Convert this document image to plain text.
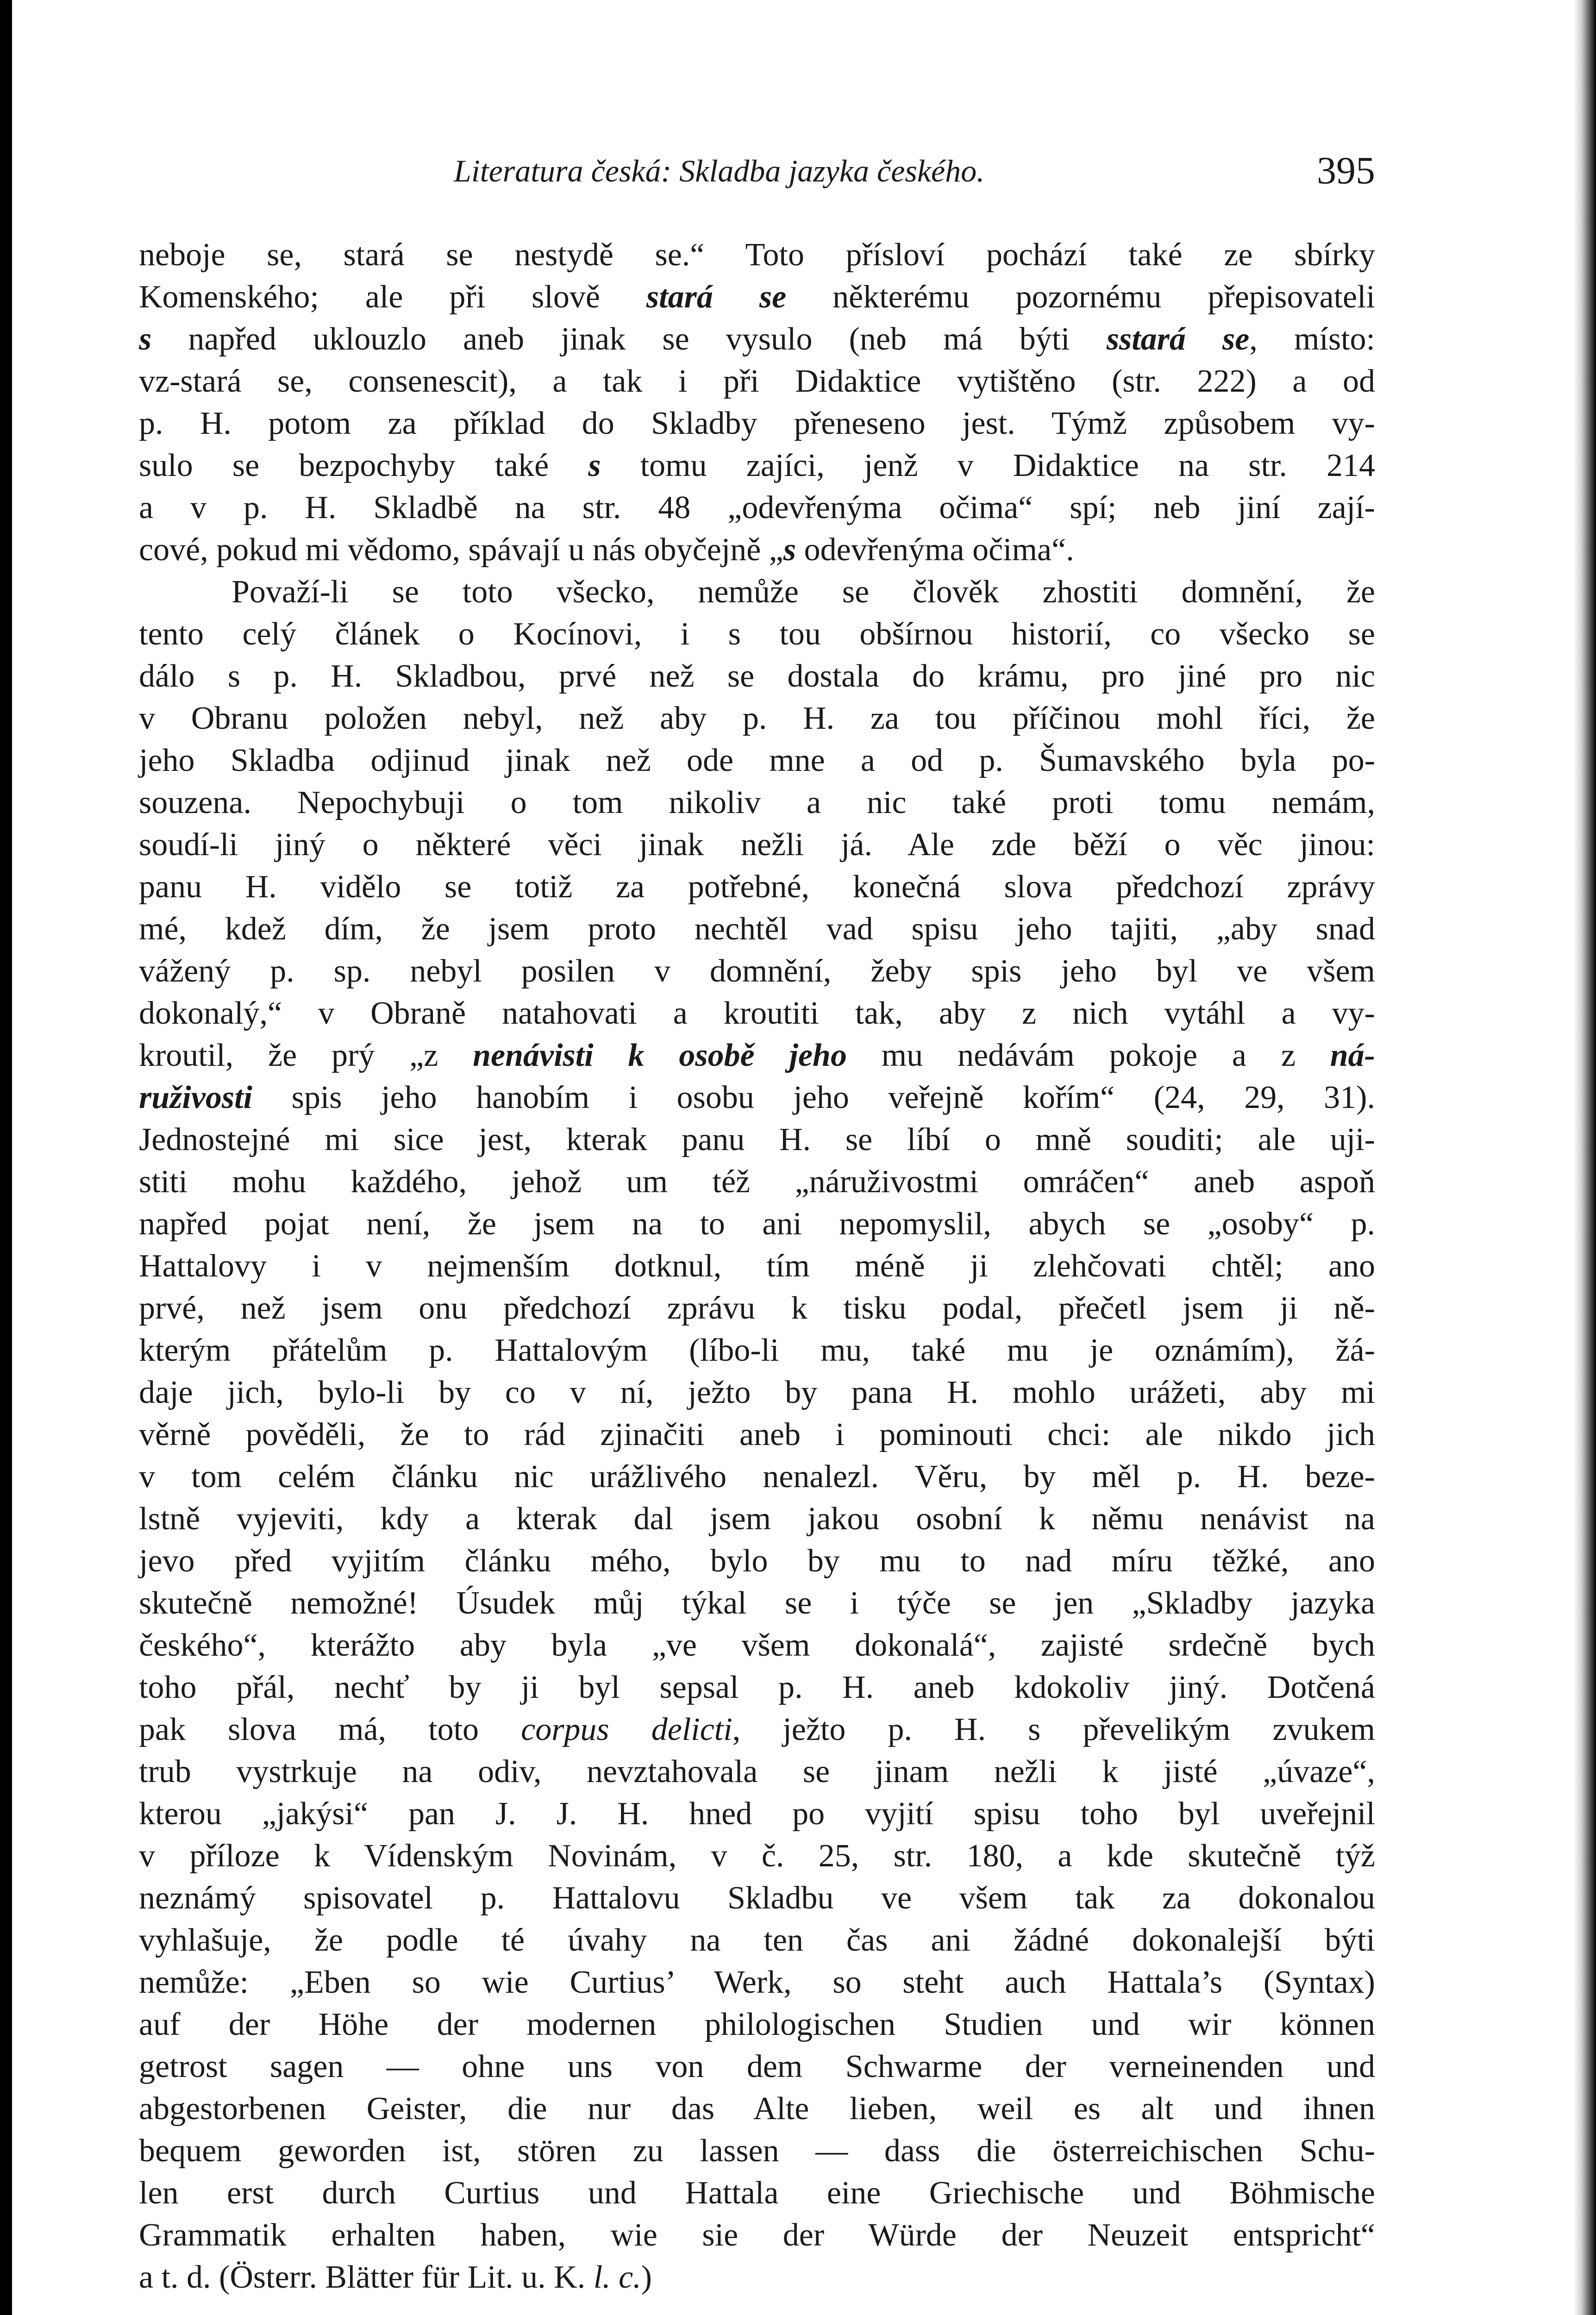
Literatura česká: Skladba jazyka českého.	395
neboje se, stará se nestydě se.“ Toto přísloví pochází také ze sbírky
Komenského; ale při slově stará se některému pozornému přepisovateli
s napřed uklouzlo aneb jinak se vysulo (neb má býti sstará se, místo:
vz-stará se, consenescit), a tak i při Didaktice vytištěno (str. 222) a od
p. H. potom za příklad do Skladby přeneseno jest. Týmž způsobem vy-
sulo se bezpochyby také s tomu zajíci, jenž v Didaktice na str. 214
a v p. H. Skladbě na str. 48 „odevřenýma očima“ spí; neb jiní zají-
cové, pokud mi vědomo, spávají u nás obyčejně „s odevřenýma očima“.
Považí-li se toto všecko, nemůže se člověk zhostiti domnění, že
tento celý článek o Kocínovi, i s tou obšírnou historií, co všecko se
dálo s p. H. Skladbou, prvé než se dostala do krámu, pro jiné pro nic
v Obranu položen nebyl, než aby p. H. za tou příčinou mohl říci, že
jeho Skladba odjinud jinak než ode mne a od p. Šumavského byla po-
souzena. Nepochybuji o tom nikoliv a nic také proti tomu nemám,
soudí-li jiný o některé věci jinak nežli já. Ale zde běží o věc jinou:
panu H. vidělo se totiž za potřebné, konečná slova předchozí zprávy
mé, kdež dím, že jsem proto nechtěl vad spisu jeho tajiti, „aby snad
vážený p. sp. nebyl posilen v domnění, žeby spis jeho byl ve všem
dokonalý,“ v Obraně natahovati a kroutiti tak, aby z nich vytáhl a vy-
kroutil, že prý „z nenávisti k osobě jeho mu nedávám pokoje a z ná-
ruživosti spis jeho hanobím i osobu jeho veřejně kořím“ (24, 29, 31).
Jednostejné mi sice jest, kterak panu H. se líbí o mně souditi; ale uji-
stiti mohu každého, jehož um též „náruživostmi omráčen“ aneb aspoň
napřed pojat není, že jsem na to ani nepomyslil, abych se „osoby“ p.
Hattalovy i v nejmenším dotknul, tím méně ji zlehčovati chtěl; ano
prvé, než jsem onu předchozí zprávu k tisku podal, přečetl jsem ji ně-
kterým přátelům p. Hattalovým (líbo-li mu, také mu je oznámím), žá-
daje jich, bylo-li by co v ní, ježto by pana H. mohlo urážeti, aby mi
věrně pověděli, že to rád zjinačiti aneb i pominouti chci: ale nikdo jich
v tom celém článku nic urážlivého nenalezl. Věru, by měl p. H. beze-
lstně vyjeviti, kdy a kterak dal jsem jakou osobní k němu nenávist na
jevo před vyjitím článku mého, bylo by mu to nad míru těžké, ano
skutečně nemožné! Úsudek můj týkal se i týče se jen „Skladby jazyka
českého“, kterážto aby byla „ve všem dokonalá“, zajisté srdečně bych
toho přál, nechť by ji byl sepsal p. H. aneb kdokoliv jiný. Dotčená
pak slova má, toto corpus delicti, ježto p. H. s převelikým zvukem
trub vystrkuje na odiv, nevztahovala se jinam nežli k jisté „úvaze“,
kterou „jakýsi“ pan J. J. H. hned po vyjití spisu toho byl uveřejnil
v příloze k Vídenským Novinám, v č. 25, str. 180, a kde skutečně týž
neznámý spisovatel p. Hattalovu Skladbu ve všem tak za dokonalou
vyhlašuje, že podle té úvahy na ten čas ani žádné dokonalejší býti
nemůže: „Eben so wie Curtius’ Werk, so steht auch Hattala’s (Syntax)
auf der Höhe der modernen philologischen Studien und wir können
getrost sagen — ohne uns von dem Schwarme der verneinenden und
abgestorbenen Geister, die nur das Alte lieben, weil es alt und ihnen
bequem geworden ist, stören zu lassen — dass die österreichischen Schu-
len erst durch Curtius und Hattala eine Griechische und Böhmische
Grammatik erhalten haben, wie sie der Würde der Neuzeit entspricht“
a t. d. (Österr. Blätter für Lit. u. K. l. c.)
